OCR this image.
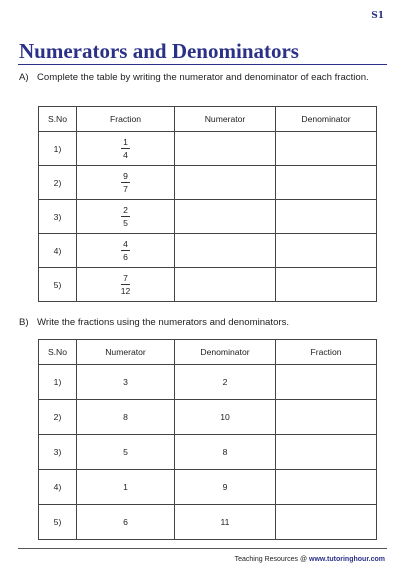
S1
Numerators and Denominators
A) Complete the table by writing the numerator and denominator of each fraction.
S.No	Fraction	Numerator	Denominator
1)	$\frac{1}{4}$

2)	$\frac{9}{7}$

3)	$\frac{2}{5}$

4)	$\frac{4}{6}$

5)	$\frac{7}{12}$

B) Write the fractions using the numerators and denominators.
S.No	Numerator	Denominator	Fraction
1)	3	2	
2)	8	10	
3)	5	8	
4)	1	9	
5)	6	11	
Teaching Resources @ www.tutoringhour.com
